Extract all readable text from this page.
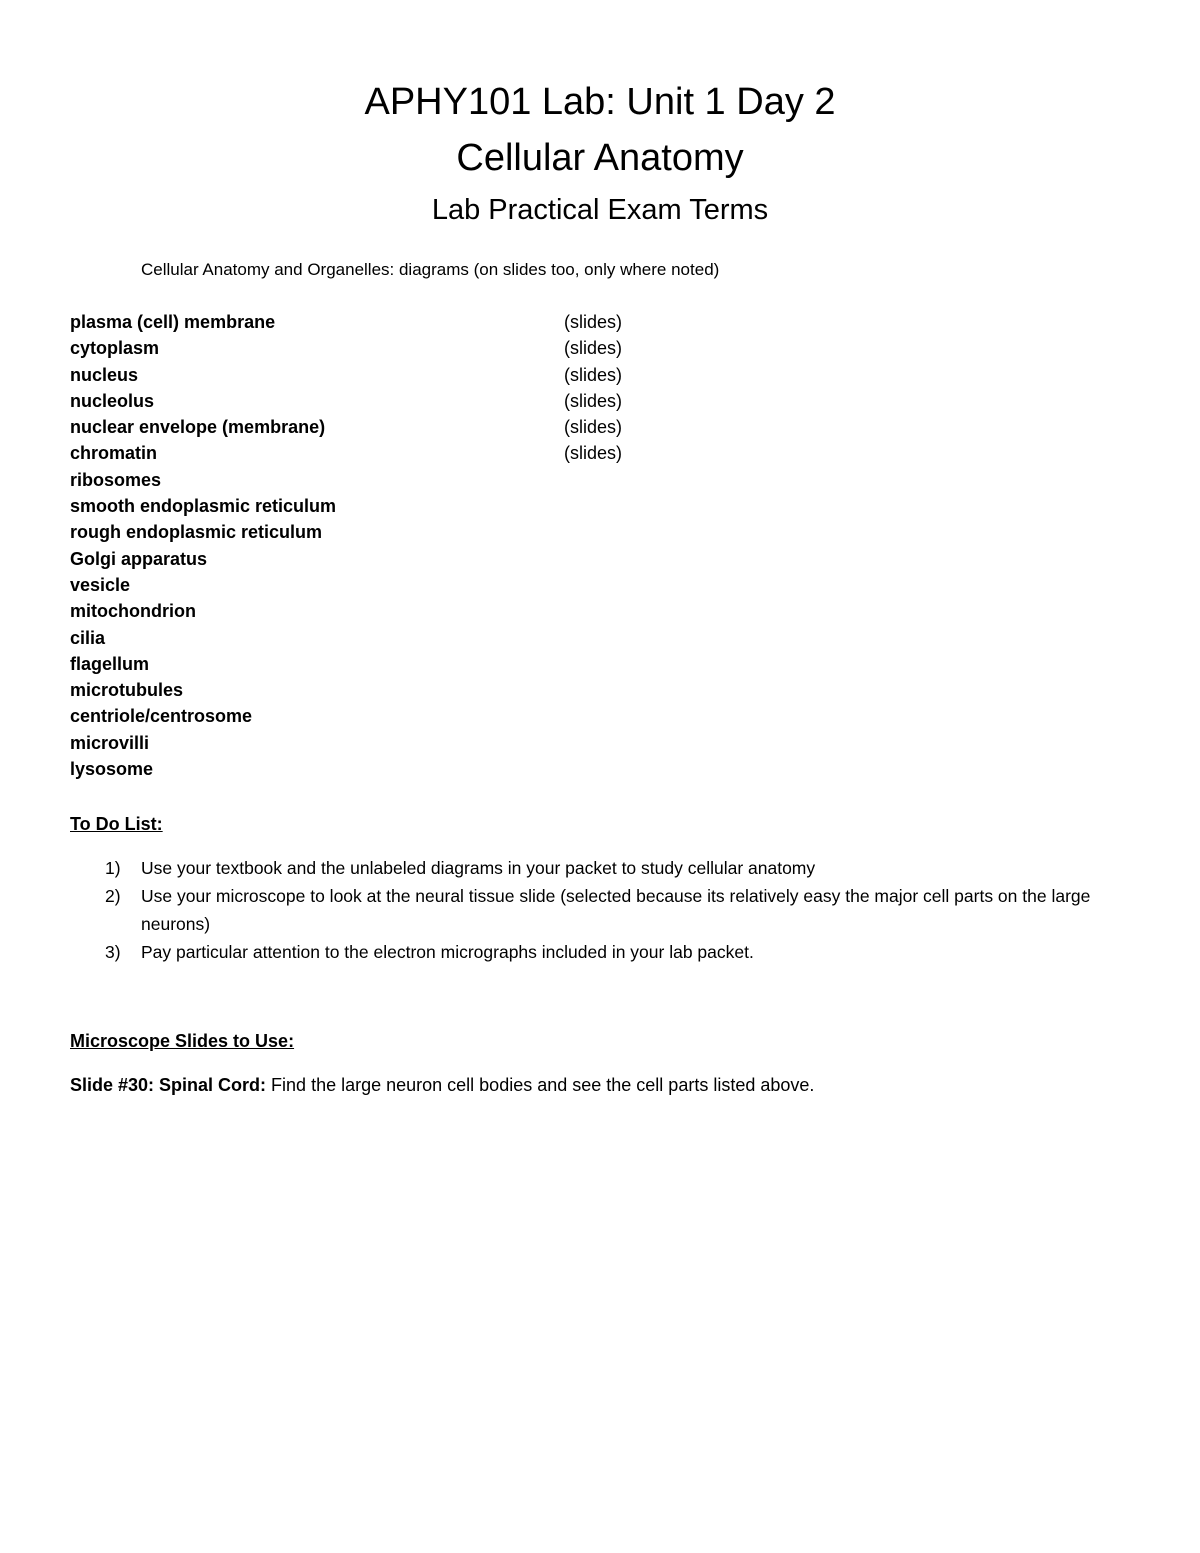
APHY101 Lab: Unit 1 Day 2
Cellular Anatomy
Lab Practical Exam Terms
Cellular Anatomy and Organelles: diagrams (on slides too, only where noted)
plasma (cell) membrane	(slides)
cytoplasm	(slides)
nucleus	(slides)
nucleolus	(slides)
nuclear envelope (membrane)	(slides)
chromatin	(slides)
ribosomes
smooth endoplasmic reticulum
rough endoplasmic reticulum
Golgi apparatus
vesicle
mitochondrion
cilia
flagellum
microtubules
centriole/centrosome
microvilli
lysosome
To Do List:
1) Use your textbook and the unlabeled diagrams in your packet to study cellular anatomy
2) Use your microscope to look at the neural tissue slide (selected because its relatively easy the major cell parts on the large neurons)
3) Pay particular attention to the electron micrographs included in your lab packet.
Microscope Slides to Use:
Slide #30: Spinal Cord: Find the large neuron cell bodies and see the cell parts listed above.
